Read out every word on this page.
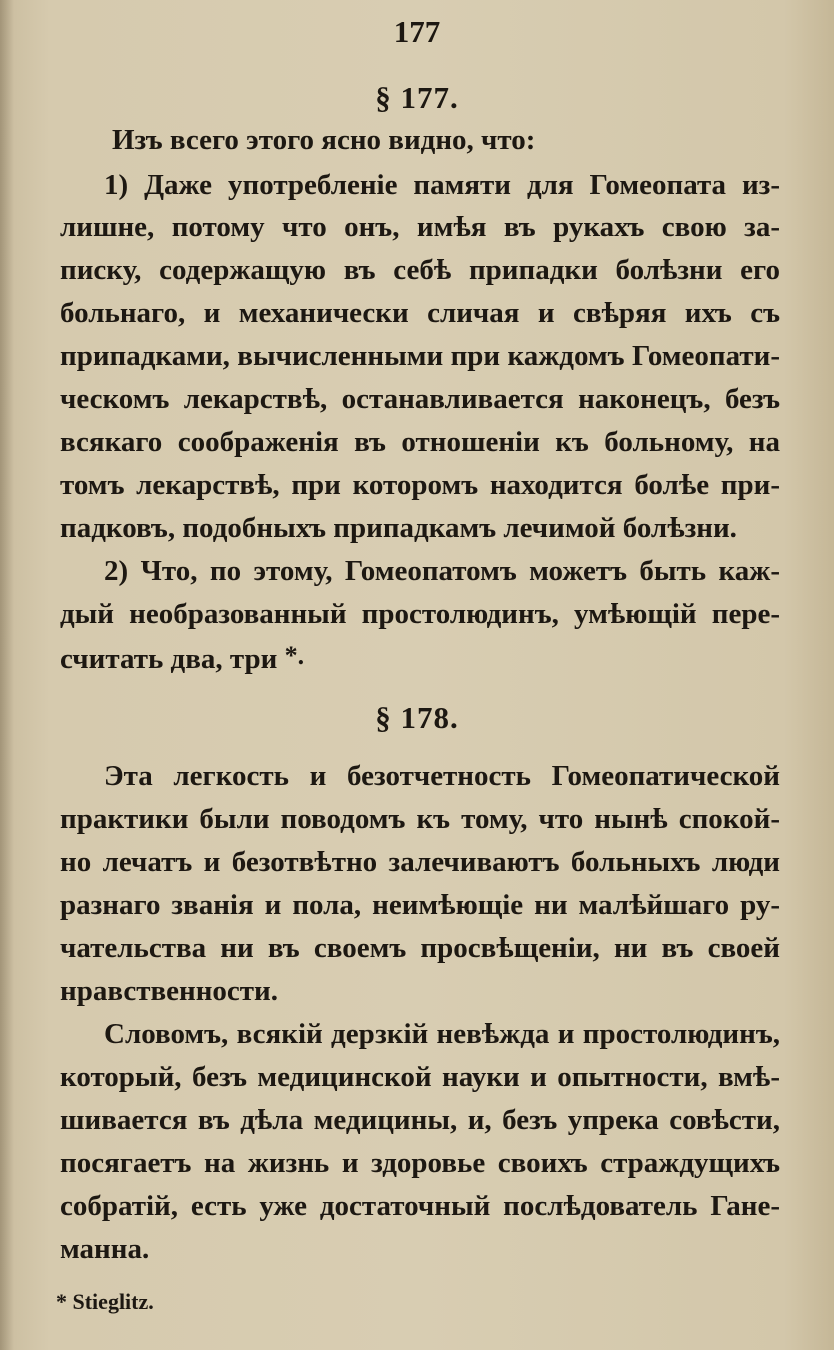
177
§ 177.
Изъ всего этого ясно видно, что:
1) Даже употребленіе памяти для Гомеопата из-
лишне, потому что онъ, имѣя въ рукахъ свою за-
писку, содержащую въ себѣ припадки болѣзни его
больнаго, и механически сличая и свѣряя ихъ съ
припадками, вычисленными при каждомъ Гомеопати-
ческомъ лекарствѣ, останавливается наконецъ, безъ
всякаго соображенія въ отношеніи къ больному, на
томъ лекарствѣ, при которомъ находится болѣе при-
падковъ, подобныхъ припадкамъ лечимой болѣзни.
2) Что, по этому, Гомеопатомъ можетъ быть каж-
дый необразованный простолюдинъ, умѣющій пере-
считать два, три *.
§ 178.
Эта легкость и безотчетность Гомеопатической
практики были поводомъ къ тому, что нынѣ спокой-
но лечатъ и безотвѣтно залечиваютъ больныхъ люди
разнаго званія и пола, неимѣющіе ни малѣйшаго ру-
чательства ни въ своемъ просвѣщеніи, ни въ своей
нравственности.
Словомъ, всякій дерзкій невѣжда и простолюдинъ,
который, безъ медицинской науки и опытности, вмѣ-
шивается въ дѣла медицины, и, безъ упрека совѣсти,
посягаетъ на жизнь и здоровье своихъ страждущихъ
собратій, есть уже достаточный послѣдователь Гане-
манна.
* Stieglitz.
